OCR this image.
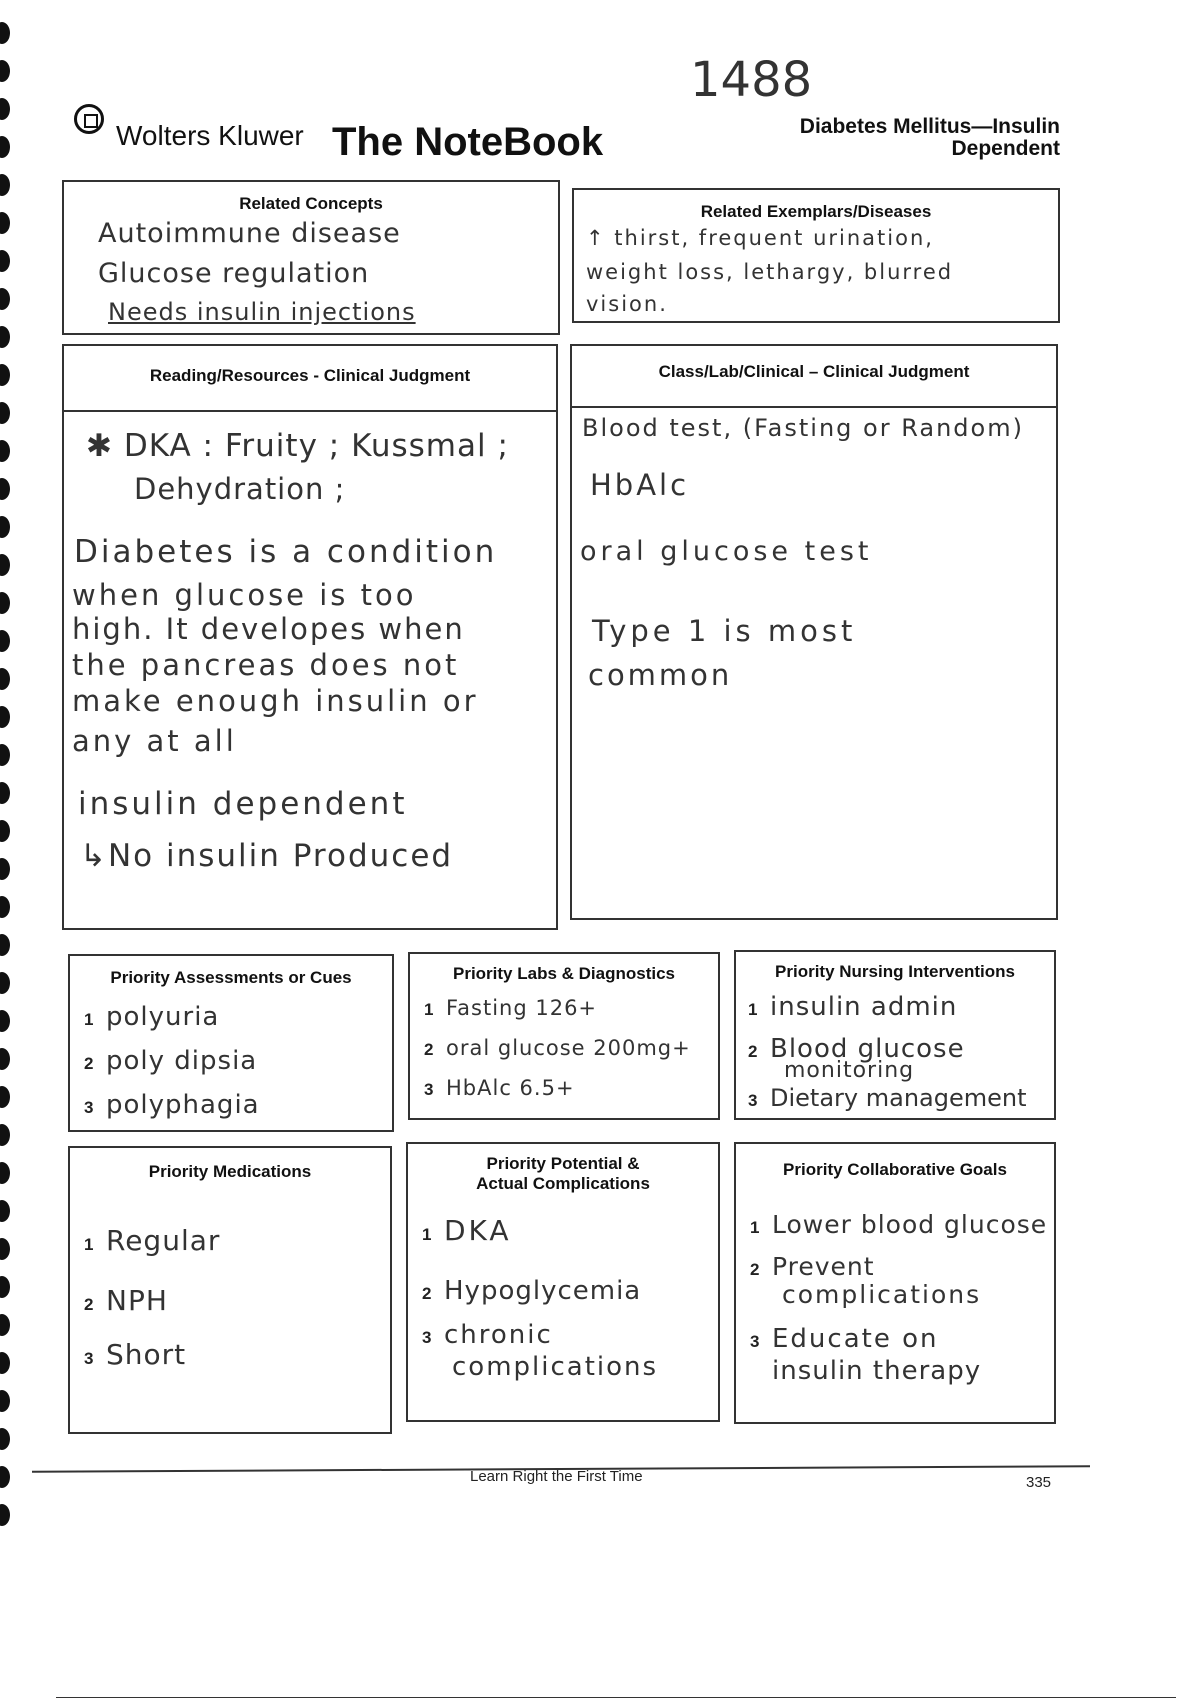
1488
Wolters Kluwer The NoteBook	Diabetes Mellitus—Insulin
Dependent
Related Concepts
Autoimmune disease
Glucose regulation
Needs insulin injections
Related Exemplars/Diseases
↑ thirst, frequent urination,
weight loss, lethargy, blurred
vision.
Reading/Resources - Clinical Judgment
✱ DKA : Fruity ; Kussmal ;
Dehydration ;
Diabetes is a condition
when glucose is too
high. It developes when
the pancreas does not
make enough insulin or
any at all
insulin dependent
↳No insulin Produced
Class/Lab/Clinical – Clinical Judgment
Blood test, (Fasting or Random)
HbAlc
oral glucose test
Type 1 is most
common
Priority Assessments or Cues
1 polyuria
2 poly dipsia
3 polyphagia
Priority Labs & Diagnostics
1 Fasting 126+
2 oral glucose 200mg+
3 HbAlc 6.5+
Priority Nursing Interventions
1 insulin admin
2 Blood glucose
monitoring
3 Dietary management
Priority Medications
1 Regular
2 NPH
3 Short
Priority Potential &
Actual Complications
1 DKA
2 Hypoglycemia
3 chronic
complications
Priority Collaborative Goals
1 Lower blood glucose
2 Prevent
complications
3 Educate on
insulin therapy
Learn Right the First Time	335
